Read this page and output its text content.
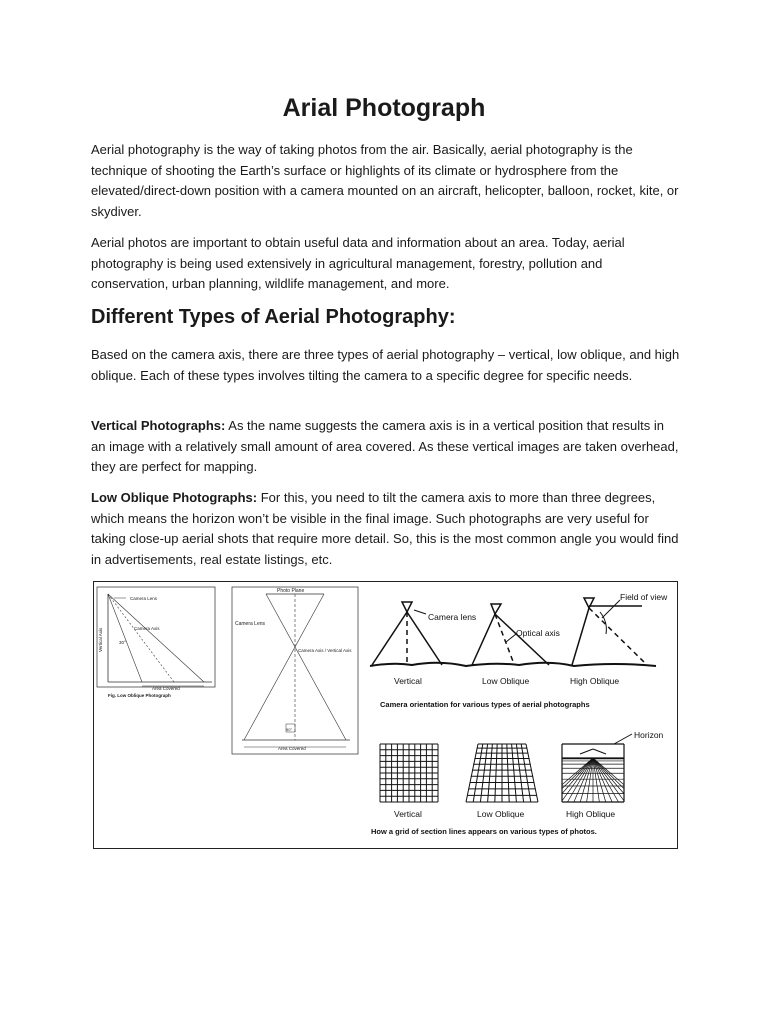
Arial Photograph

Aerial photography is the way of taking photos from the air. Basically, aerial photography is the technique of shooting the Earth’s surface or highlights of its climate or hydrosphere from the elevated/direct-down position with a camera mounted on an aircraft, helicopter, balloon, rocket, kite, or skydiver.

Aerial photos are important to obtain useful data and information about an area. Today, aerial photography is being used extensively in agricultural management, forestry, pollution and conservation, urban planning, wildlife management, and more.

Different Types of Aerial Photography:

Based on the camera axis, there are three types of aerial photography – vertical, low oblique, and high oblique. Each of these types involves tilting the camera to a specific degree for specific needs.

Vertical Photographs: As the name suggests the camera axis is in a vertical position that results in an image with a relatively small amount of area covered. As these vertical images are taken overhead, they are perfect for mapping.

Low Oblique Photographs: For this, you need to tilt the camera axis to more than three degrees, which means the horizon won’t be visible in the final image. Such photographs are very useful for taking close-up aerial shots that require more detail. So, this is the most common angle you would find in advertisements, real estate listings, etc.

Camera Lens
Camera Axis
Vertical Axis	30°
Area Covered
Fig. Low Oblique Photograph
Photo Plane
Camera Lens
Camera Axis / Vertical Axis
90°
Area Covered
Camera lens
Optical axis
Field of view
Vertical	Low Oblique	High Oblique
Camera orientation for various types of aerial photographs
Horizon
Vertical	Low Oblique	High Oblique
How a grid of section lines appears on various types of photos.
